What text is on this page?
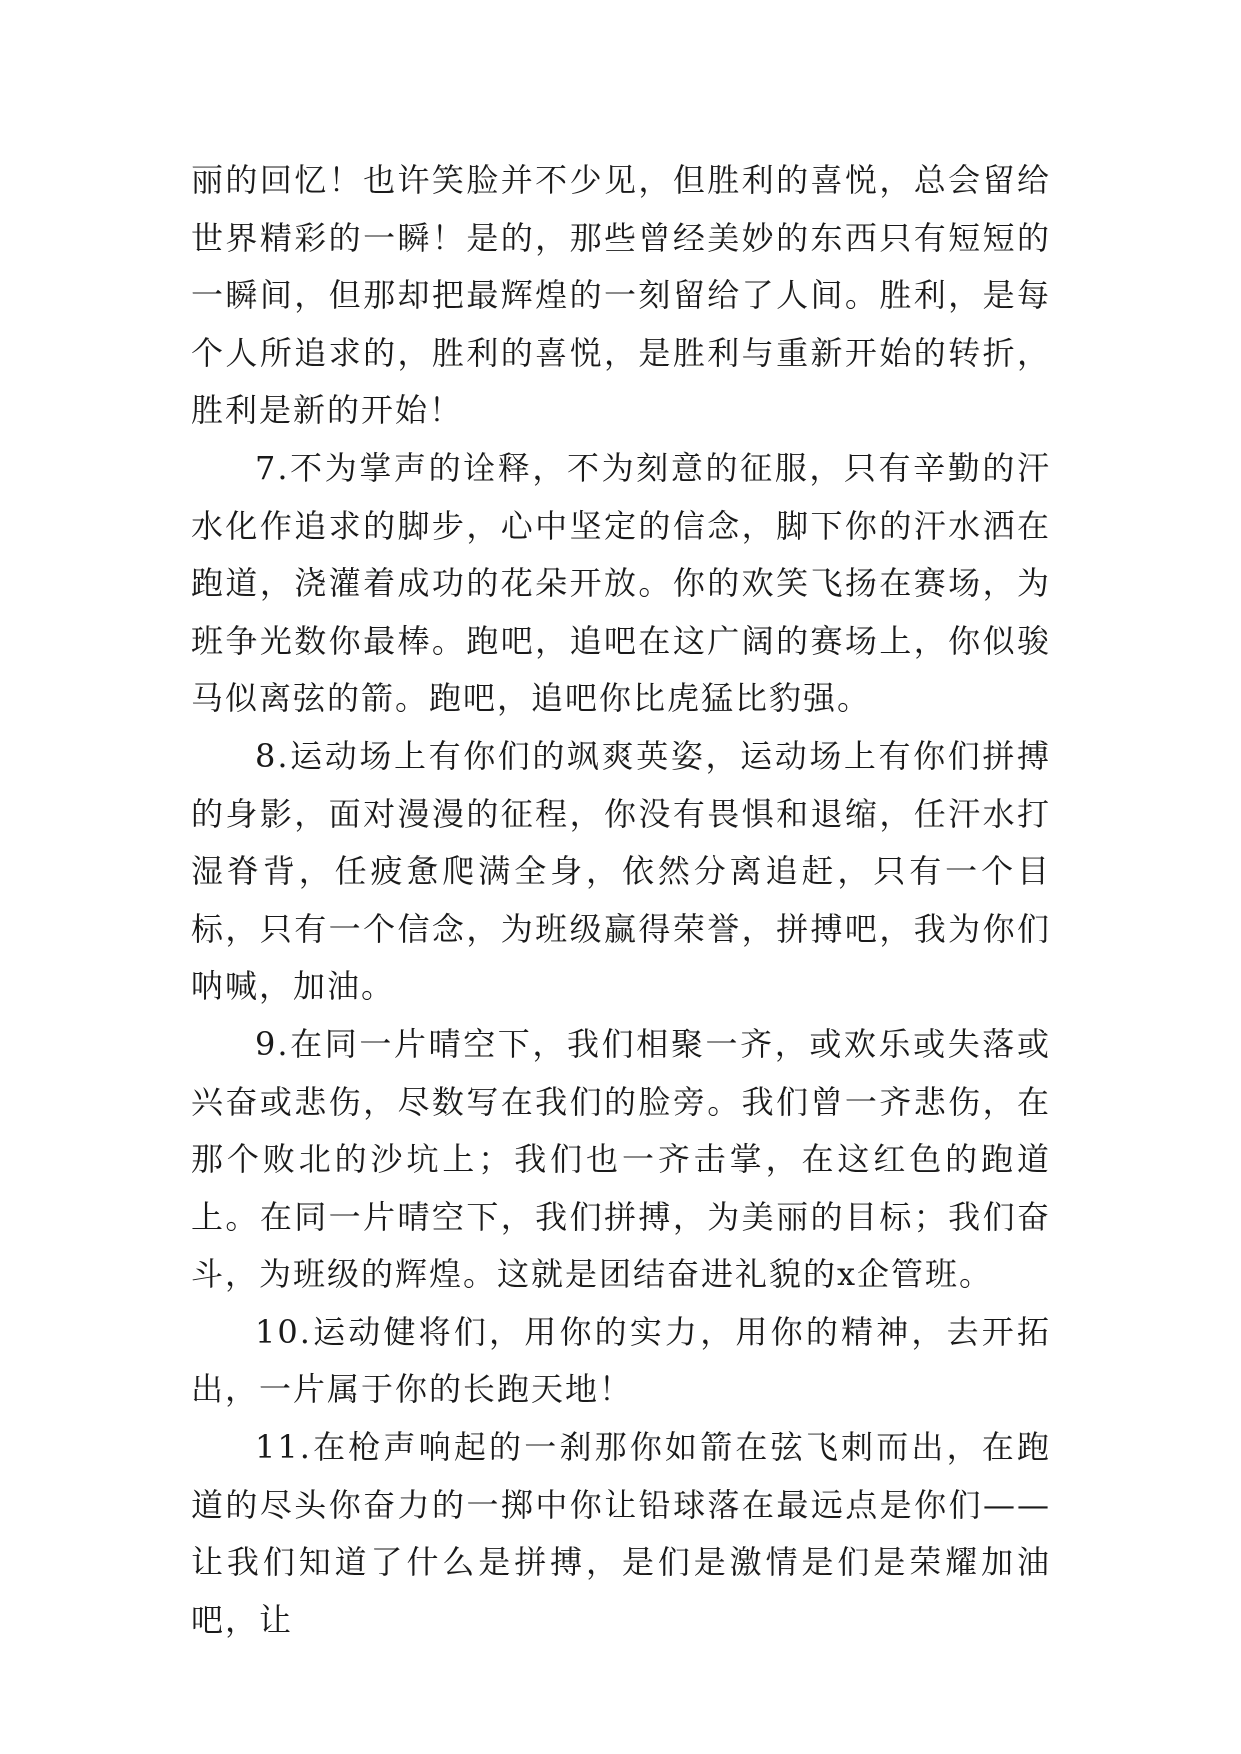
丽的回忆！也许笑脸并不少见，但胜利的喜悦，总会留给世界精彩的一瞬！是的，那些曾经美妙的东西只有短短的一瞬间，但那却把最辉煌的一刻留给了人间。胜利，是每个人所追求的，胜利的喜悦，是胜利与重新开始的转折，胜利是新的开始！

7.不为掌声的诠释，不为刻意的征服，只有辛勤的汗水化作追求的脚步，心中坚定的信念，脚下你的汗水洒在跑道，浇灌着成功的花朵开放。你的欢笑飞扬在赛场，为班争光数你最棒。跑吧，追吧在这广阔的赛场上，你似骏马似离弦的箭。跑吧，追吧你比虎猛比豹强。

8.运动场上有你们的飒爽英姿，运动场上有你们拼搏的身影，面对漫漫的征程，你没有畏惧和退缩，任汗水打湿脊背，任疲惫爬满全身，依然分离追赶，只有一个目标，只有一个信念，为班级赢得荣誉，拼搏吧，我为你们呐喊，加油。

9.在同一片晴空下，我们相聚一齐，或欢乐或失落或兴奋或悲伤，尽数写在我们的脸旁。我们曾一齐悲伤，在那个败北的沙坑上；我们也一齐击掌，在这红色的跑道上。在同一片晴空下，我们拼搏，为美丽的目标；我们奋斗，为班级的辉煌。这就是团结奋进礼貌的x企管班。

10.运动健将们，用你的实力，用你的精神，去开拓出，一片属于你的长跑天地！

11.在枪声响起的一刹那你如箭在弦飞刺而出，在跑道的尽头你奋力的一掷中你让铅球落在最远点是你们——让我们知道了什么是拼搏，是们是激情是们是荣耀加油吧，让
